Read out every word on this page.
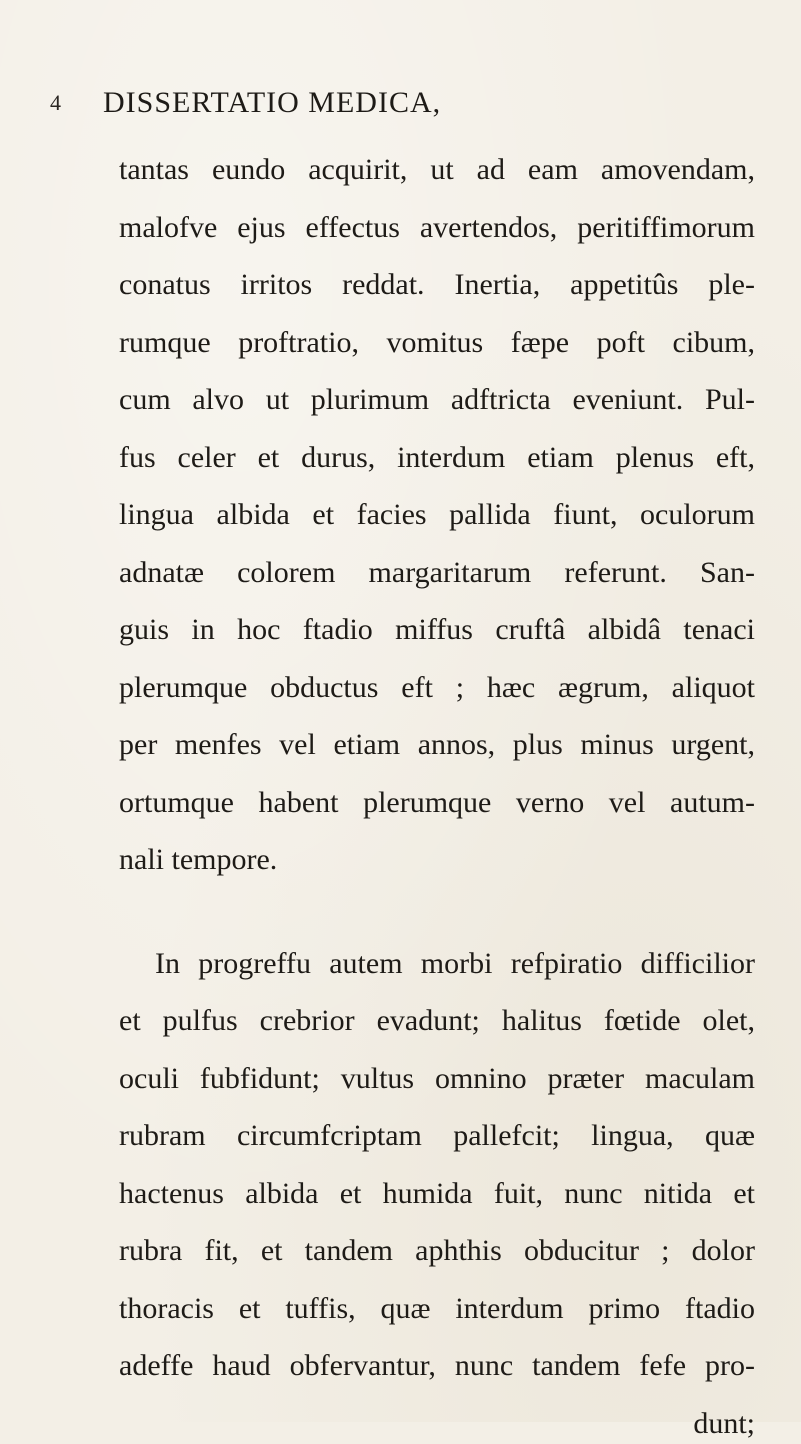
4 DISSERTATIO MEDICA,
tantas eundo acquirit, ut ad eam amovendam,
malofve ejus effectus avertendos, peritiffimorum
conatus irritos reddat. Inertia, appetitûs ple-
rumque proftratio, vomitus fæpe poft cibum,
cum alvo ut plurimum adftricta eveniunt. Pul-
fus celer et durus, interdum etiam plenus eft,
lingua albida et facies pallida fiunt, oculorum
adnatæ colorem margaritarum referunt. San-
guis in hoc ftadio miffus cruftâ albidâ tenaci
plerumque obductus eft ; hæc ægrum, aliquot
per menfes vel etiam annos, plus minus urgent,
ortumque habent plerumque verno vel autum-
nali tempore.
In progreffu autem morbi refpiratio difficilior
et pulfus crebrior evadunt; halitus fœtide olet,
oculi fubfidunt; vultus omnino præter maculam
rubram circumfcriptam pallefcit; lingua, quæ
hactenus albida et humida fuit, nunc nitida et
rubra fit, et tandem aphthis obducitur ; dolor
thoracis et tuffis, quæ interdum primo ftadio
adeffe haud obfervantur, nunc tandem fefe pro-
dunt;
